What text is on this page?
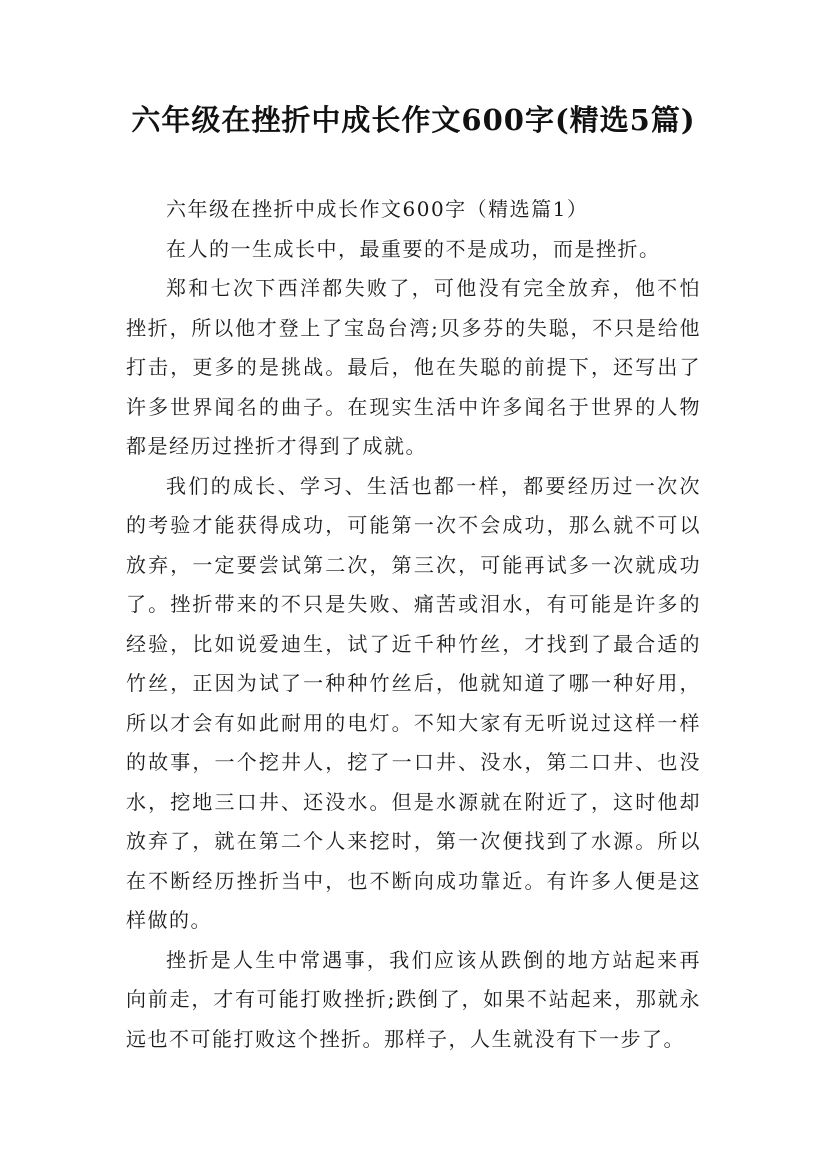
六年级在挫折中成长作文600字(精选5篇)

六年级在挫折中成长作文600字（精选篇1）

在人的一生成长中，最重要的不是成功，而是挫折。

郑和七次下西洋都失败了，可他没有完全放弃，他不怕挫折，所以他才登上了宝岛台湾;贝多芬的失聪，不只是给他打击，更多的是挑战。最后，他在失聪的前提下，还写出了许多世界闻名的曲子。在现实生活中许多闻名于世界的人物都是经历过挫折才得到了成就。

我们的成长、学习、生活也都一样，都要经历过一次次的考验才能获得成功，可能第一次不会成功，那么就不可以放弃，一定要尝试第二次，第三次，可能再试多一次就成功了。挫折带来的不只是失败、痛苦或泪水，有可能是许多的经验，比如说爱迪生，试了近千种竹丝，才找到了最合适的竹丝，正因为试了一种种竹丝后，他就知道了哪一种好用，所以才会有如此耐用的电灯。不知大家有无听说过这样一样的故事，一个挖井人，挖了一口井、没水，第二口井、也没水，挖地三口井、还没水。但是水源就在附近了，这时他却放弃了，就在第二个人来挖时，第一次便找到了水源。所以在不断经历挫折当中，也不断向成功靠近。有许多人便是这样做的。

挫折是人生中常遇事，我们应该从跌倒的地方站起来再向前走，才有可能打败挫折;跌倒了，如果不站起来，那就永远也不可能打败这个挫折。那样子，人生就没有下一步了。
